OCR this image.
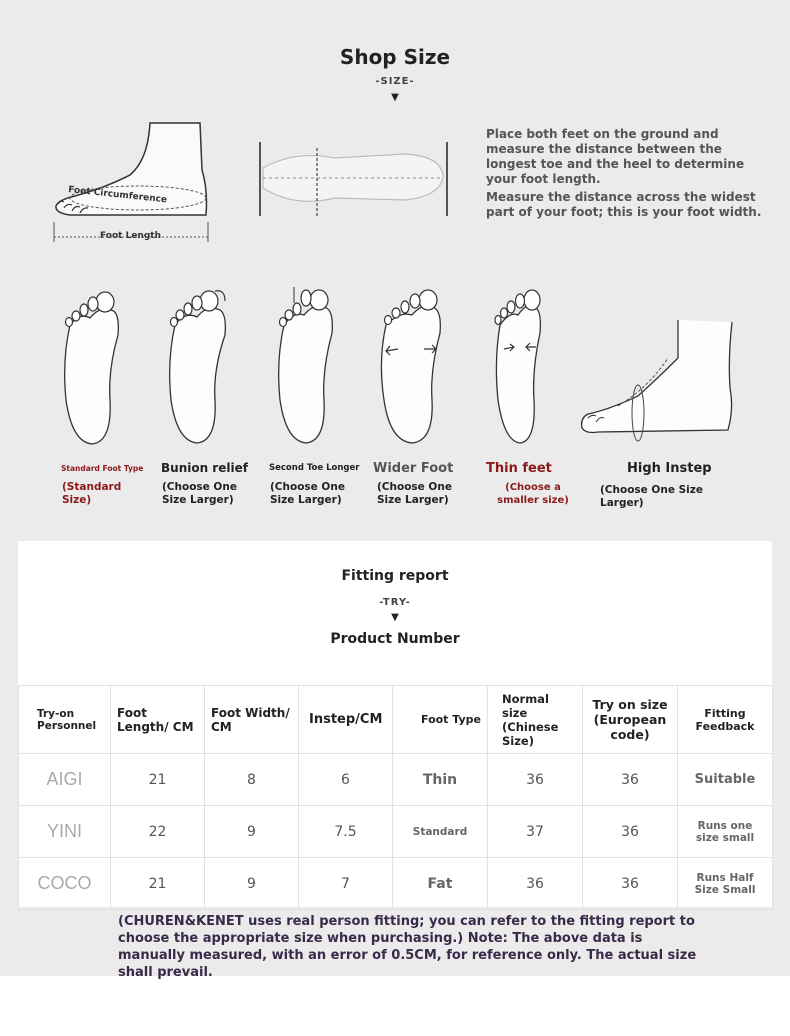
Shop Size
-SIZE-
▼
Foot Circumference
Foot Length
Place both feet on the ground and measure the distance between the longest toe and the heel to determine your foot length.
Measure the distance across the widest part of your foot; this is your foot width.
Standard Foot Type
(Standard Size)
Bunion relief
(Choose One Size Larger)
Second Toe Longer
(Choose One Size Larger)
Wider Foot
(Choose One Size Larger)
Thin feet
(Choose a smaller size)
High Instep
(Choose One Size Larger)
Fitting report
-TRY-
▼
Product Number
Try-on Personnel	Foot Length/ CM	Foot Width/ CM	Instep/CM	Foot Type	Normal size (Chinese Size)	Try on size (European code)	Fitting Feedback
AIGI	21	8	6	Thin	36	36	Suitable
YINI	22	9	7.5	Standard	37	36	Runs one size small
COCO	21	9	7	Fat	36	36	Runs Half Size Small
(CHUREN&KENET uses real person fitting; you can refer to the fitting report to choose the appropriate size when purchasing.) Note: The above data is manually measured, with an error of 0.5CM, for reference only. The actual size shall prevail.
